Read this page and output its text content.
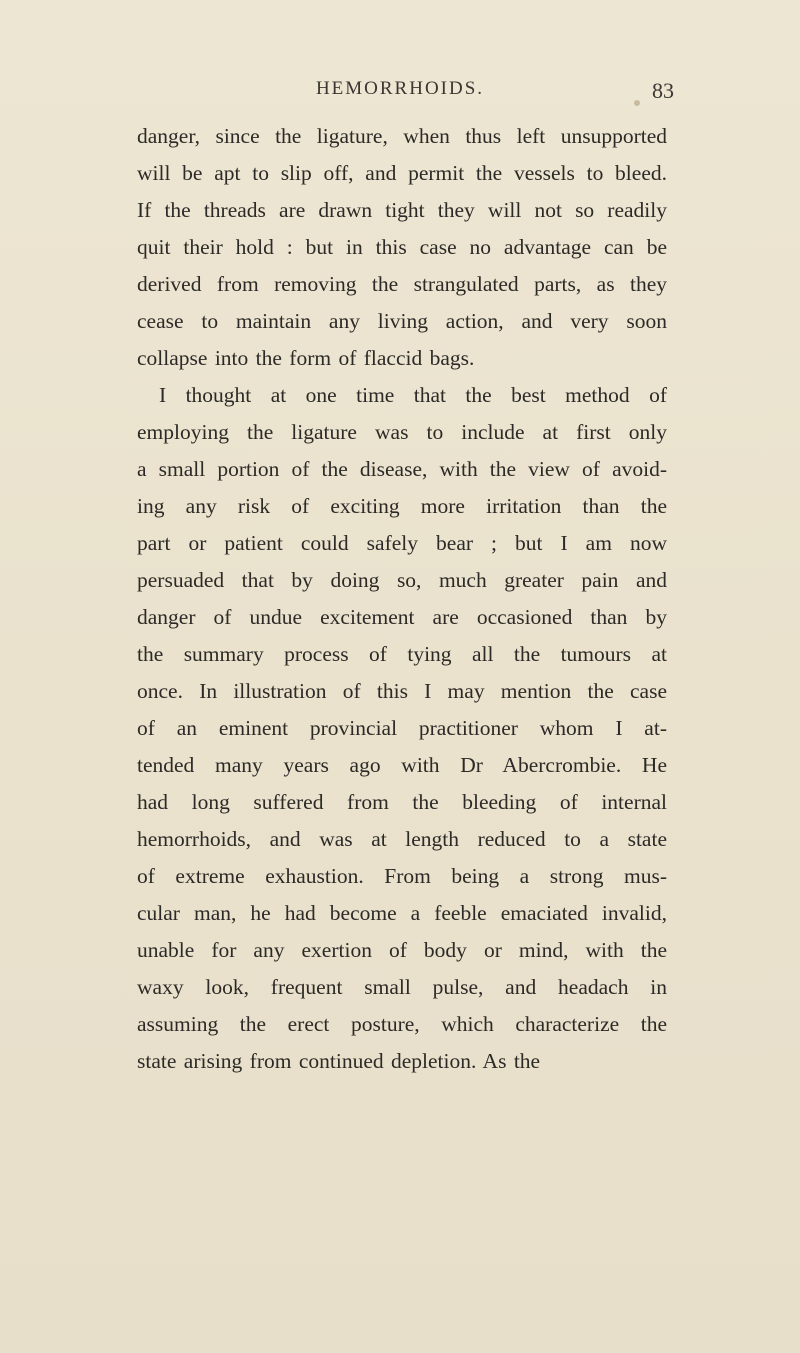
HEMORRHOIDS.	83
danger, since the ligature, when thus left unsupported
will be apt to slip off, and permit the vessels to bleed.
If the threads are drawn tight they will not so readily
quit their hold : but in this case no advantage can be
derived from removing the strangulated parts, as they
cease to maintain any living action, and very soon
collapse into the form of flaccid bags.
I thought at one time that the best method of
employing the ligature was to include at first only
a small portion of the disease, with the view of avoid-
ing any risk of exciting more irritation than the
part or patient could safely bear ; but I am now
persuaded that by doing so, much greater pain and
danger of undue excitement are occasioned than by
the summary process of tying all the tumours at
once. In illustration of this I may mention the case
of an eminent provincial practitioner whom I at-
tended many years ago with Dr Abercrombie. He
had long suffered from the bleeding of internal
hemorrhoids, and was at length reduced to a state
of extreme exhaustion. From being a strong mus-
cular man, he had become a feeble emaciated invalid,
unable for any exertion of body or mind, with the
waxy look, frequent small pulse, and headach in
assuming the erect posture, which characterize the
state arising from continued depletion. As the
